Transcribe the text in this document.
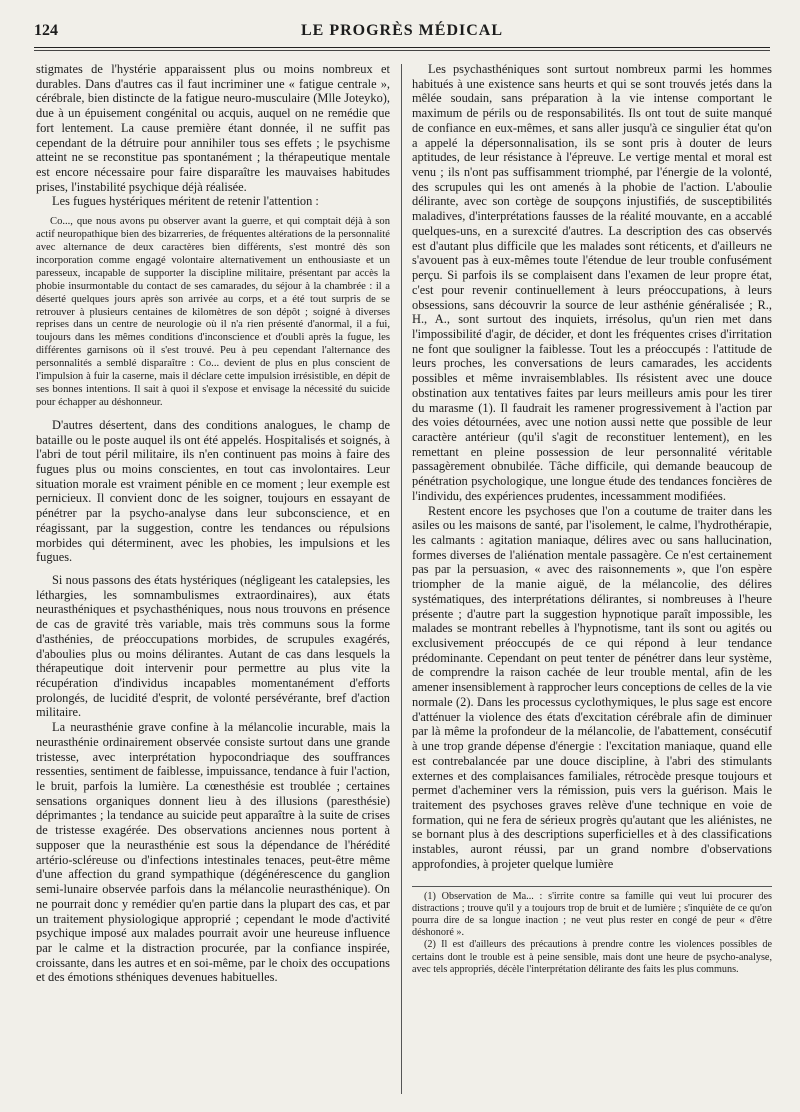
124	LE PROGRÈS MÉDICAL

stigmates de l'hystérie apparaissent plus ou moins nombreux et durables. Dans d'autres cas il faut incriminer une « fatigue centrale », cérébrale, bien distincte de la fatigue neuro-musculaire (Mlle Joteyko), due à un épuisement congénital ou acquis, auquel on ne remédie que fort lentement. La cause première étant donnée, il ne suffit pas cependant de la détruire pour annihiler tous ses effets ; le psychisme atteint ne se reconstitue pas spontanément ; la thérapeutique mentale est encore nécessaire pour faire disparaître les mauvaises habitudes prises, l'instabilité psychique déjà réalisée.

Les fugues hystériques méritent de retenir l'attention :

Co..., que nous avons pu observer avant la guerre, et qui comptait déjà à son actif neuropathique bien des bizarreries, de fréquentes altérations de la personnalité avec alternance de deux caractères bien différents, s'est montré dès son incorporation comme engagé volontaire alternativement un enthousiaste et un paresseux, incapable de supporter la discipline militaire, présentant par accès la phobie insurmontable du contact de ses camarades, du séjour à la chambrée : il a déserté quelques jours après son arrivée au corps, et a été tout surpris de se retrouver à plusieurs centaines de kilomètres de son dépôt ; soigné à diverses reprises dans un centre de neurologie où il n'a rien présenté d'anormal, il a fui, toujours dans les mêmes conditions d'inconscience et d'oubli après la fugue, les différentes garnisons où il s'est trouvé. Peu à peu cependant l'alternance des personnalités a semblé disparaître : Co... devient de plus en plus conscient de l'impulsion à fuir la caserne, mais il déclare cette impulsion irrésistible, en dépit de ses bonnes intentions. Il sait à quoi il s'expose et envisage la nécessité du suicide pour échapper au déshonneur.

D'autres désertent, dans des conditions analogues, le champ de bataille ou le poste auquel ils ont été appelés. Hospitalisés et soignés, à l'abri de tout péril militaire, ils n'en continuent pas moins à faire des fugues plus ou moins conscientes, en tout cas involontaires. Leur situation morale est vraiment pénible en ce moment ; leur exemple est pernicieux. Il convient donc de les soigner, toujours en essayant de pénétrer par la psycho-analyse dans leur subconscience, et en réagissant, par la suggestion, contre les tendances ou répulsions morbides qui déterminent, avec les phobies, les impulsions et les fugues.

Si nous passons des états hystériques (négligeant les catalepsies, les léthargies, les somnambulismes extraordinaires), aux états neurasthéniques et psychasthéniques, nous nous trouvons en présence de cas de gravité très variable, mais très communs sous la forme d'asthénies, de préoccupations morbides, de scrupules exagérés, d'aboulies plus ou moins délirantes. Autant de cas dans lesquels la thérapeutique doit intervenir pour permettre au plus vite la récupération d'individus incapables momentanément d'efforts prolongés, de lucidité d'esprit, de volonté persévérante, bref d'action militaire.

La neurasthénie grave confine à la mélancolie incurable, mais la neurasthénie ordinairement observée consiste surtout dans une grande tristesse, avec interprétation hypocondriaque des souffrances ressenties, sentiment de faiblesse, impuissance, tendance à fuir l'action, le bruit, parfois la lumière. La cœnesthésie est troublée ; certaines sensations organiques donnent lieu à des illusions (paresthésie) déprimantes ; la tendance au suicide peut apparaître à la suite de crises de tristesse exagérée. Des observations anciennes nous portent à supposer que la neurasthénie est sous la dépendance de l'hérédité artério-scléreuse ou d'infections intestinales tenaces, peut-être même d'une affection du grand sympathique (dégénérescence du ganglion semi-lunaire observée parfois dans la mélancolie neurasthénique). On ne pourrait donc y remédier qu'en partie dans la plupart des cas, et par un traitement physiologique approprié ; cependant le mode d'activité psychique imposé aux malades pourrait avoir une heureuse influence par le calme et la distraction procurée, par la confiance inspirée, croissante, dans les autres et en soi-même, par le choix des occupations et des émotions sthéniques devenues habituelles.

Les psychasthéniques sont surtout nombreux parmi les hommes habitués à une existence sans heurts et qui se sont trouvés jetés dans la mêlée soudain, sans préparation à la vie intense comportant le maximum de périls ou de responsabilités. Ils ont tout de suite manqué de confiance en eux-mêmes, et sans aller jusqu'à ce singulier état qu'on a appelé la dépersonnalisation, ils se sont pris à douter de leurs aptitudes, de leur résistance à l'épreuve. Le vertige mental et moral est venu ; ils n'ont pas suffisamment triomphé, par l'énergie de la volonté, des scrupules qui les ont amenés à la phobie de l'action. L'aboulie délirante, avec son cortège de soupçons injustifiés, de susceptibilités maladives, d'interprétations fausses de la réalité mouvante, en a accablé quelques-uns, en a surexcité d'autres. La description des cas observés est d'autant plus difficile que les malades sont réticents, et d'ailleurs ne s'avouent pas à eux-mêmes toute l'étendue de leur trouble confusément perçu. Si parfois ils se complaisent dans l'examen de leur propre état, c'est pour revenir continuellement à leurs préoccupations, à leurs obsessions, sans découvrir la source de leur asthénie généralisée ; R., H., A., sont surtout des inquiets, irrésolus, qu'un rien met dans l'impossibilité d'agir, de décider, et dont les fréquentes crises d'irritation ne font que souligner la faiblesse. Tout les a préoccupés : l'attitude de leurs proches, les conversations de leurs camarades, les accidents possibles et même invraisemblables. Ils résistent avec une douce obstination aux tentatives faites par leurs meilleurs amis pour les tirer du marasme (1). Il faudrait les ramener progressivement à l'action par des voies détournées, avec une notion aussi nette que possible de leur caractère antérieur (qu'il s'agit de reconstituer lentement), en les remettant en pleine possession de leur personnalité véritable passagèrement obnubilée. Tâche difficile, qui demande beaucoup de pénétration psychologique, une longue étude des tendances foncières de l'individu, des expériences prudentes, incessamment modifiées.

Restent encore les psychoses que l'on a coutume de traiter dans les asiles ou les maisons de santé, par l'isolement, le calme, l'hydrothérapie, les calmants : agitation maniaque, délires avec ou sans hallucination, formes diverses de l'aliénation mentale passagère. Ce n'est certainement pas par la persuasion, « avec des raisonnements », que l'on espère triompher de la manie aiguë, de la mélancolie, des délires systématiques, des interprétations délirantes, si nombreuses à l'heure présente ; d'autre part la suggestion hypnotique paraît impossible, les malades se montrant rebelles à l'hypnotisme, tant ils sont ou agités ou exclusivement préoccupés de ce qui répond à leur tendance prédominante. Cependant on peut tenter de pénétrer dans leur système, de comprendre la raison cachée de leur trouble mental, afin de les amener insensiblement à rapprocher leurs conceptions de celles de la vie normale (2). Dans les processus cyclothymiques, le plus sage est encore d'atténuer la violence des états d'excitation cérébrale afin de diminuer par là même la profondeur de la mélancolie, de l'abattement, consécutif à une trop grande dépense d'énergie : l'excitation maniaque, quand elle est contrebalancée par une douce discipline, à l'abri des stimulants externes et des complaisances familiales, rétrocède presque toujours et permet d'acheminer vers la rémission, puis vers la guérison. Mais le traitement des psychoses graves relève d'une technique en voie de formation, qui ne fera de sérieux progrès qu'autant que les aliénistes, ne se bornant plus à des descriptions superficielles et à des classifications instables, auront réussi, par un grand nombre d'observations approfondies, à projeter quelque lumière

(1) Observation de Ma... : s'irrite contre sa famille qui veut lui procurer des distractions ; trouve qu'il y a toujours trop de bruit et de lumière ; s'inquiète de ce qu'on pourra dire de sa longue inaction ; ne veut plus rester en congé de peur « d'être déshonoré ».

(2) Il est d'ailleurs des précautions à prendre contre les violences possibles de certains dont le trouble est à peine sensible, mais dont une heure de psycho-analyse, avec tels appropriés, décèle l'interprétation délirante des faits les plus communs.
